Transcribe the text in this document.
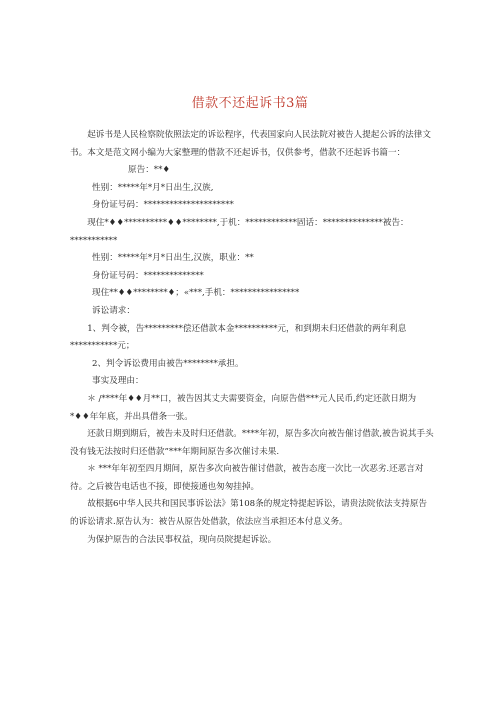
借款不还起诉书3篇

起诉书是人民检察院依照法定的诉讼程序，代表国家向人民法院对被告人提起公诉的法律文书。本文是范文网小编为大家整理的借款不还起诉书，仅供参考，借款不还起诉书篇一：原告：**♦

性别：*****年*月*日出生,汉族,

身份证号码：*********************

现住*♦♦**********♦♦********,于机：************固话：**************被告：***********

性别：*****年*月*日出生,汉族，职业：**

身份证号码：**************

现住**♦♦********♦；«***,手机：****************

诉讼请求：

1、判令被，告*********偿还借款本金**********元，和到期未归还借款的两年利息***********元；

2、判令诉讼费用由被告********承担。

事实及理由：

＊ /****年♦♦月**口，被告因其丈夫需要资金，向原告借***元人民币,约定还款日期为*♦♦年年底，并出具借条一张。

还款日期到期后，被告未及时归还借款。****年初，原告多次向被告催讨借款,被告说其手头没有钱无法按时归还借款”***年期间原告多次催讨未果.

＊ ***年年初至四月期间，原告多次向被告催讨借款，被告态度一次比一次恶劣.还恶言对待。之后被告电话也不接，即使接通也匆匆挂掉。

故根据6中华人民共和国民事诉讼法》第108条的规定特提起诉讼，请贵法院依法支持原告的诉讼请求.原告认为：被告从原告处借款，依法应当承担还本付息义务。

为保护原告的合法民事权益，现向员院提起诉讼。
